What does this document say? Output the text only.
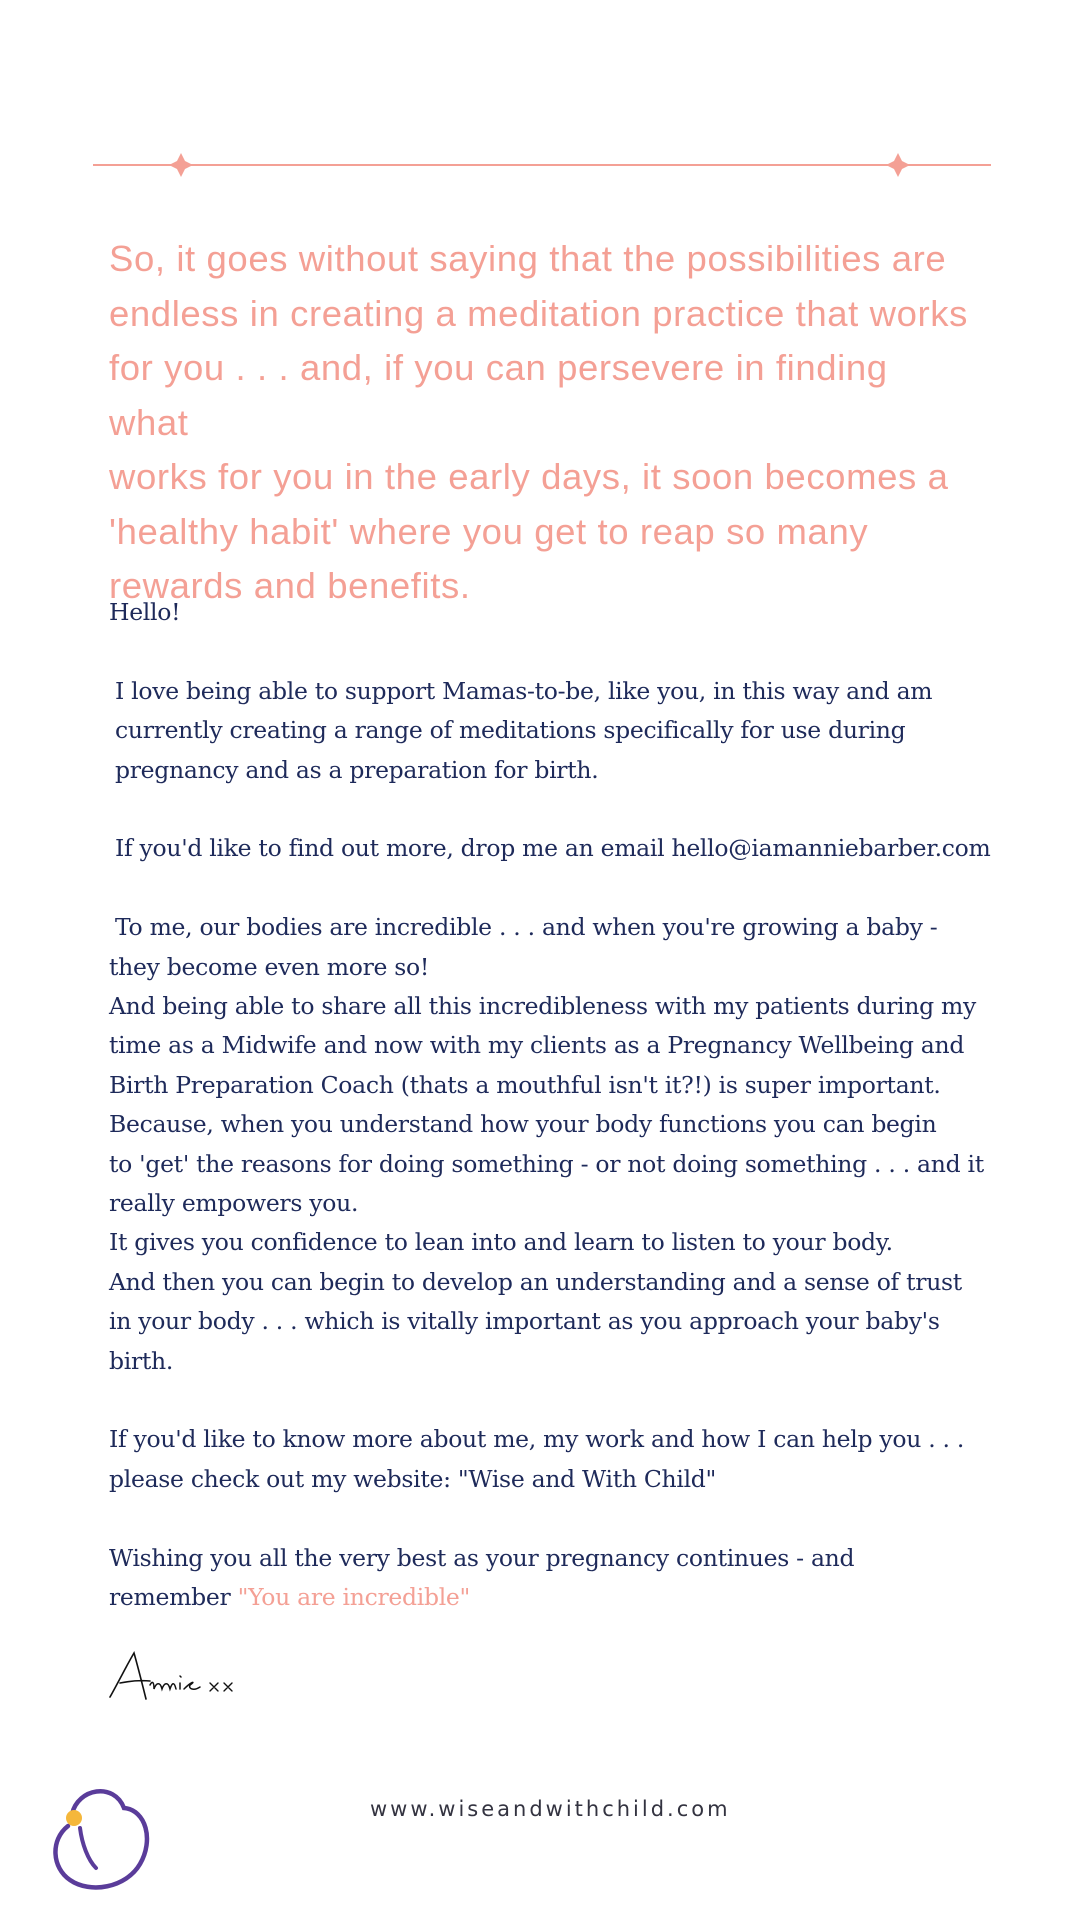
So, it goes without saying that the possibilities are
endless in creating a meditation practice that works
for you . . . and, if you can persevere in finding what
works for you in the early days, it soon becomes a
'healthy habit' where you get to reap so many
rewards and benefits.

Hello!

I love being able to support Mamas-to-be, like you, in this way and am
currently creating a range of meditations specifically for use during
pregnancy and as a preparation for birth.

If you'd like to find out more, drop me an email hello@iamanniebarber.com

To me, our bodies are incredible . . . and when you're growing a baby -
they become even more so!
And being able to share all this incredibleness with my patients during my
time as a Midwife and now with my clients as a Pregnancy Wellbeing and
Birth Preparation Coach (thats a mouthful isn't it?!) is super important.
Because, when you understand how your body functions you can begin
to 'get' the reasons for doing something - or not doing something . . . and it
really empowers you.
It gives you confidence to lean into and learn to listen to your body.
And then you can begin to develop an understanding and a sense of trust
in your body . . . which is vitally important as you approach your baby's
birth.

If you'd like to know more about me, my work and how I can help you . . .
please check out my website: "Wise and With Child"

Wishing you all the very best as your pregnancy continues - and
remember "You are incredible"

www.wiseandwithchild.com
